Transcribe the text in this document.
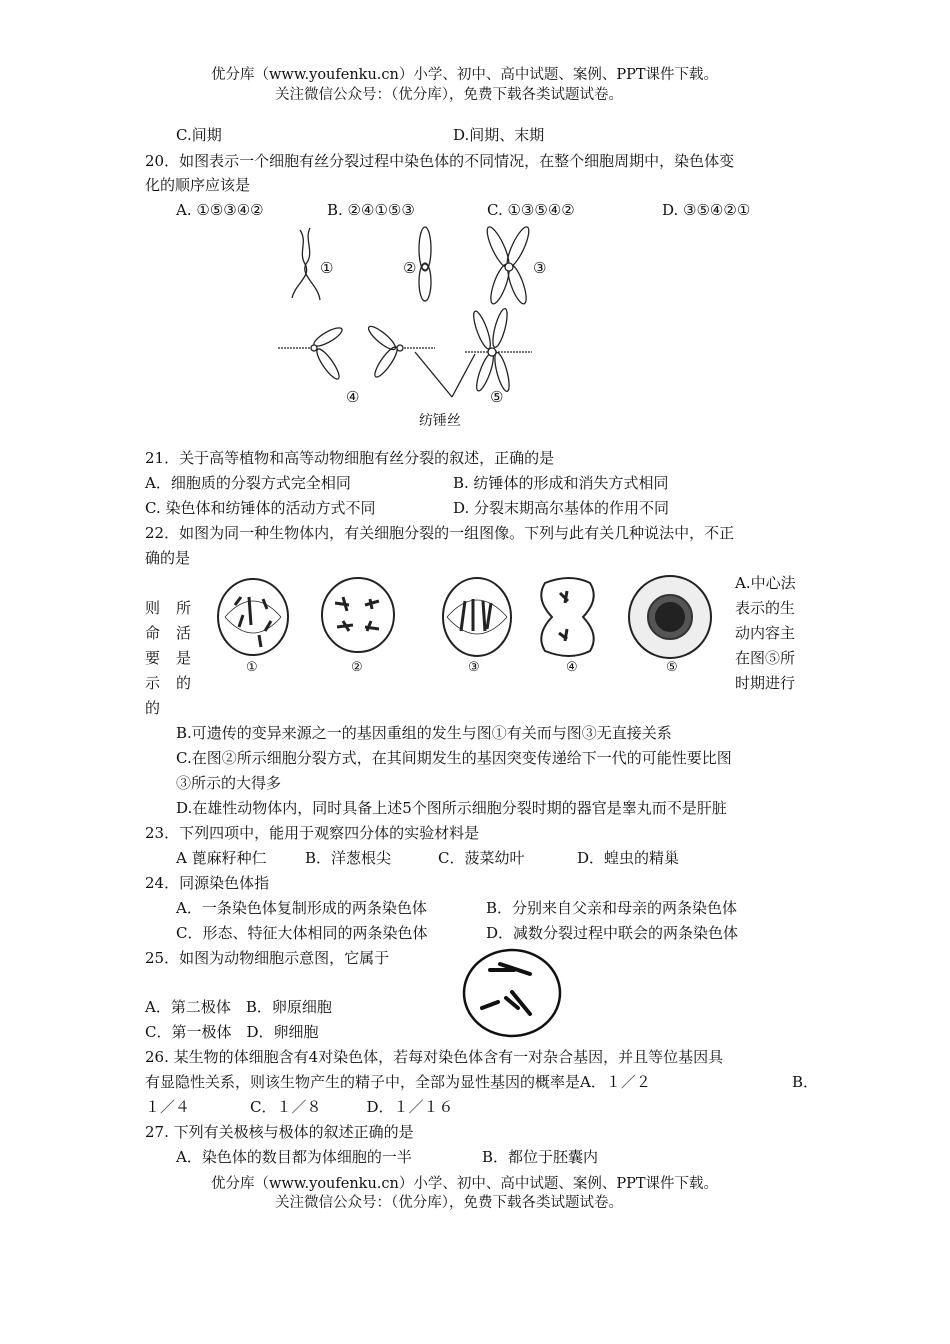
优分库（www.youfenku.cn）小学、初中、高中试题、案例、PPT课件下载。
关注微信公众号：（优分库），免费下载各类试题试卷。
C.间期	D.间期、末期
20．如图表示一个细胞有丝分裂过程中染色体的不同情况，在整个细胞周期中，染色体变
化的顺序应该是
A. ①⑤③④②	B. ②④①⑤③	C. ①③⑤④②	D. ③⑤④②①
①	②	③
④	⑤
纺锤丝
21．关于高等植物和高等动物细胞有丝分裂的叙述，正确的是
A．细胞质的分裂方式完全相同	B. 纺锤体的形成和消失方式相同
C. 染色体和纺锤体的活动方式不同	D. 分裂末期高尔基体的作用不同
22．如图为同一种生物体内，有关细胞分裂的一组图像。下列与此有关几种说法中，不正
确的是
A.中心法
表示的生
动内容主
在图⑤所
时期进行
则
命
要
示
的
所
活
是
的
①	②	③	④	⑤
B.可遗传的变异来源之一的基因重组的发生与图①有关而与图③无直接关系
C.在图②所示细胞分裂方式，在其间期发生的基因突变传递给下一代的可能性要比图
③所示的大得多
D.在雄性动物体内，同时具备上述5个图所示细胞分裂时期的器官是睾丸而不是肝脏
23．下列四项中，能用于观察四分体的实验材料是
A 蓖麻籽种仁	B．洋葱根尖	C．菠菜幼叶	D．蝗虫的精巢
24．同源染色体指
A．一条染色体复制形成的两条染色体	B．分别来自父亲和母亲的两条染色体
C．形态、特征大体相同的两条染色体	D．减数分裂过程中联会的两条染色体
25．如图为动物细胞示意图，它属于
A．第二极体　B．卵原细胞
C．第一极体　D．卵细胞
26. 某生物的体细胞含有4对染色体，若每对染色体含有一对杂合基因，并且等位基因具
有显隐性关系，则该生物产生的精子中，全部为显性基因的概率是A．１／２	B．
１／４　　　　C．１／８　　　D．１／１６
27. 下列有关极核与极体的叙述正确的是
A．染色体的数目都为体细胞的一半	B．都位于胚囊内
优分库（www.youfenku.cn）小学、初中、高中试题、案例、PPT课件下载。
关注微信公众号：（优分库），免费下载各类试题试卷。
